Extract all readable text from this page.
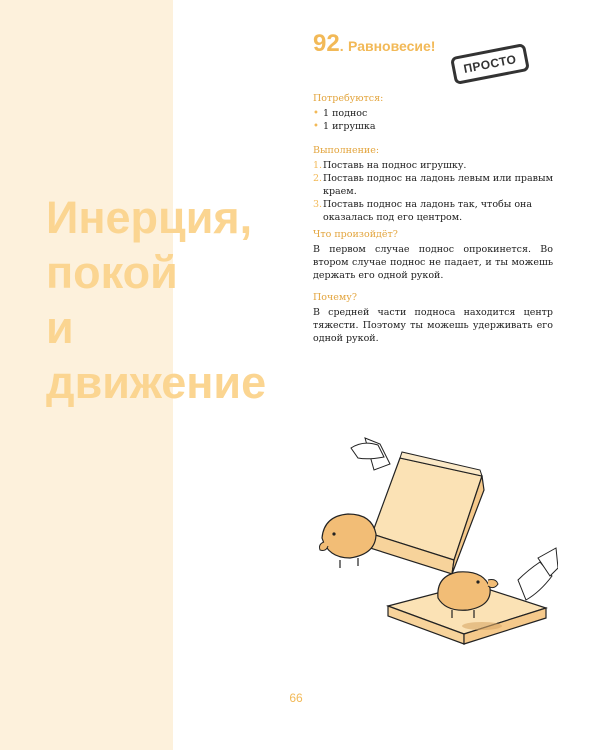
Инерция,
покой
и
движение
ПРОСТО
92. Равновесие!

Потребуются:

• 1 поднос
• 1 игрушка

Выполнение:

1. Поставь на поднос игрушку.
2. Поставь поднос на ладонь левым или правым краем.
3. Поставь поднос на ладонь так, чтобы она оказалась под его центром.

Что произойдёт?

В первом случае поднос опрокинется. Во втором случае поднос не падает, и ты можешь держать его одной рукой.

Почему?

В средней части подноса находится центр тяжести. Поэтому ты можешь удерживать его одной рукой.

66
